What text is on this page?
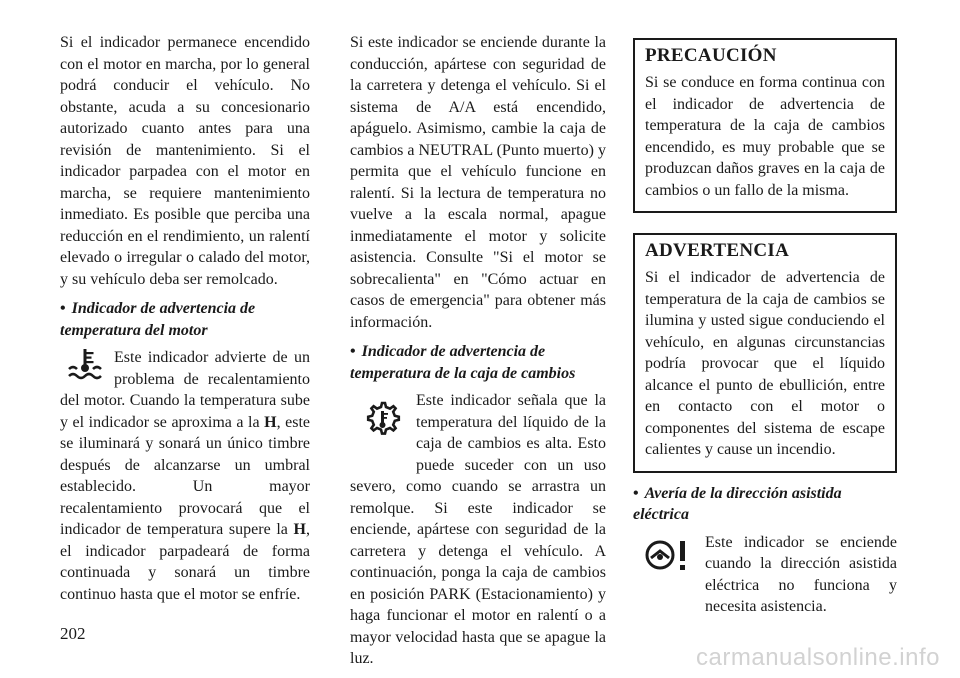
Si el indicador permanece encendido con el motor en marcha, por lo general podrá conducir el vehículo. No obstante, acuda a su concesionario autorizado cuanto antes para una revisión de mantenimiento. Si el indicador parpadea con el motor en marcha, se requiere mantenimiento inmediato. Es posible que perciba una reducción en el rendimiento, un ralentí elevado o irregular o calado del motor, y su vehículo deba ser remolcado.

• Indicador de advertencia de temperatura del motor
Este indicador advierte de un problema de recalentamiento del motor. Cuando la temperatura sube y el indicador se aproxima a la H, este se iluminará y sonará un único timbre después de alcanzarse un umbral establecido. Un mayor recalentamiento provocará que el indicador de temperatura supere la H, el indicador parpadeará de forma continuada y sonará un timbre continuo hasta que el motor se enfríe.

Si este indicador se enciende durante la conducción, apártese con seguridad de la carretera y detenga el vehículo. Si el sistema de A/A está encendido, apáguelo. Asimismo, cambie la caja de cambios a NEUTRAL (Punto muerto) y permita que el vehículo funcione en ralentí. Si la lectura de temperatura no vuelve a la escala normal, apague inmediatamente el motor y solicite asistencia. Consulte "Si el motor se sobrecalienta" en "Cómo actuar en casos de emergencia" para obtener más información.

• Indicador de advertencia de temperatura de la caja de cambios

Este indicador señala que la temperatura del líquido de la caja de cambios es alta. Esto puede suceder con un uso severo, como cuando se arrastra un remolque. Si este indicador se enciende, apártese con seguridad de la carretera y detenga el vehículo. A continuación, ponga la caja de cambios en posición PARK (Estacionamiento) y haga funcionar el motor en ralentí o a mayor velocidad hasta que se apague la luz.

PRECAUCIÓN

Si se conduce en forma continua con el indicador de advertencia de temperatura de la caja de cambios encendido, es muy probable que se produzcan daños graves en la caja de cambios o un fallo de la misma.

ADVERTENCIA

Si el indicador de advertencia de temperatura de la caja de cambios se ilumina y usted sigue conduciendo el vehículo, en algunas circunstancias podría provocar que el líquido alcance el punto de ebullición, entre en contacto con el motor o componentes del sistema de escape calientes y cause un incendio.

• Avería de la dirección asistida eléctrica
Este indicador se enciende cuando la dirección asistida eléctrica no funciona y necesita asistencia.
202
carmanualsonline.info
